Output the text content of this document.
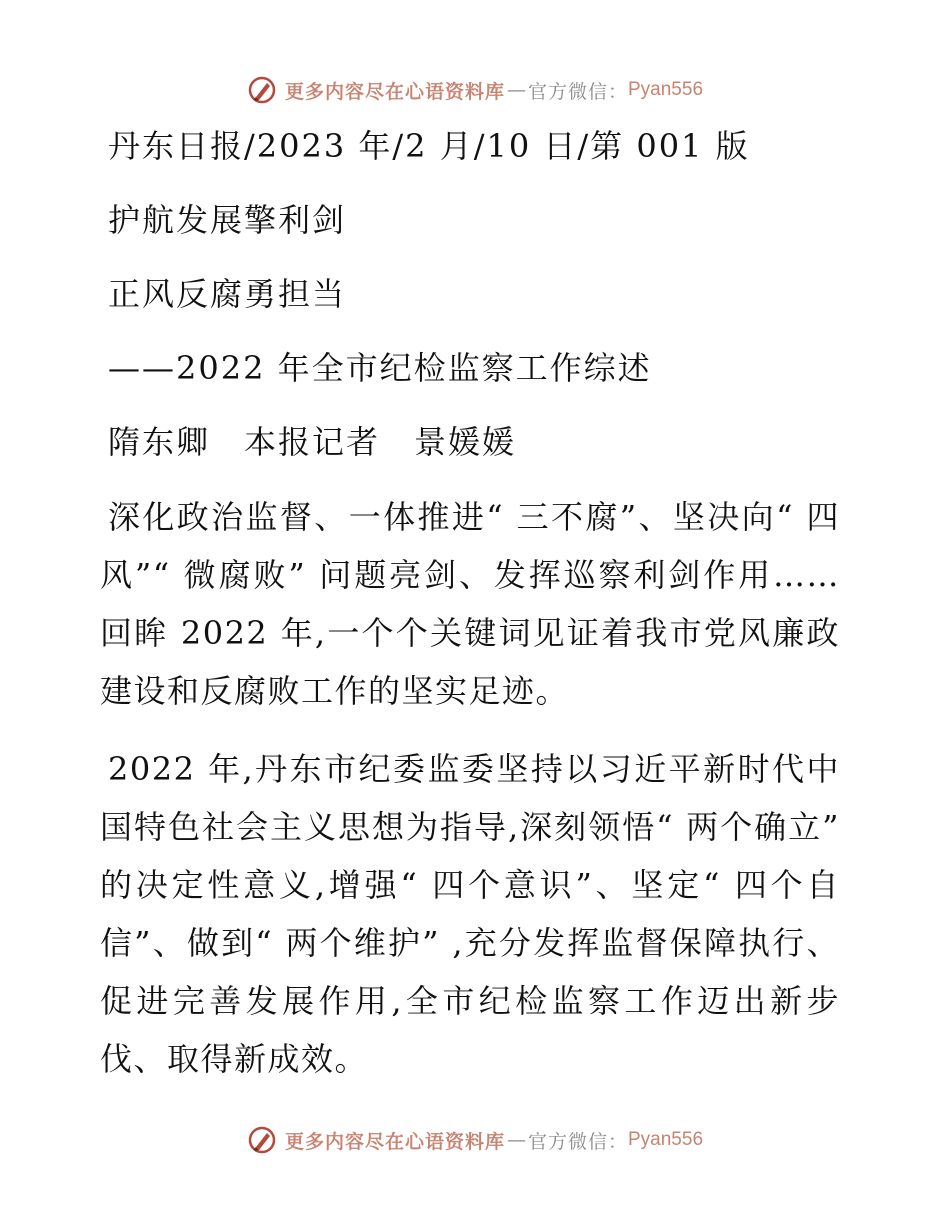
更多内容尽在心语资料库 — 官方微信： Pyan556

丹东日报/2023 年/2 月/10 日/第 001 版

护航发展擎利剑

正风反腐勇担当

——2022 年全市纪检监察工作综述

隋东卿　本报记者　景媛媛

深化政治监督、一体推进“ 三不腐”、坚决向“ 四风”“ 微腐败” 问题亮剑、发挥巡察利剑作用……回眸 2022 年,一个个关键词见证着我市党风廉政建设和反腐败工作的坚实足迹。

2022 年,丹东市纪委监委坚持以习近平新时代中国特色社会主义思想为指导,深刻领悟“ 两个确立” 的决定性意义,增强“ 四个意识”、坚定“ 四个自信”、做到“ 两个维护” ,充分发挥监督保障执行、促进完善发展作用,全市纪检监察工作迈出新步伐、取得新成效。

更多内容尽在心语资料库 — 官方微信： Pyan556
